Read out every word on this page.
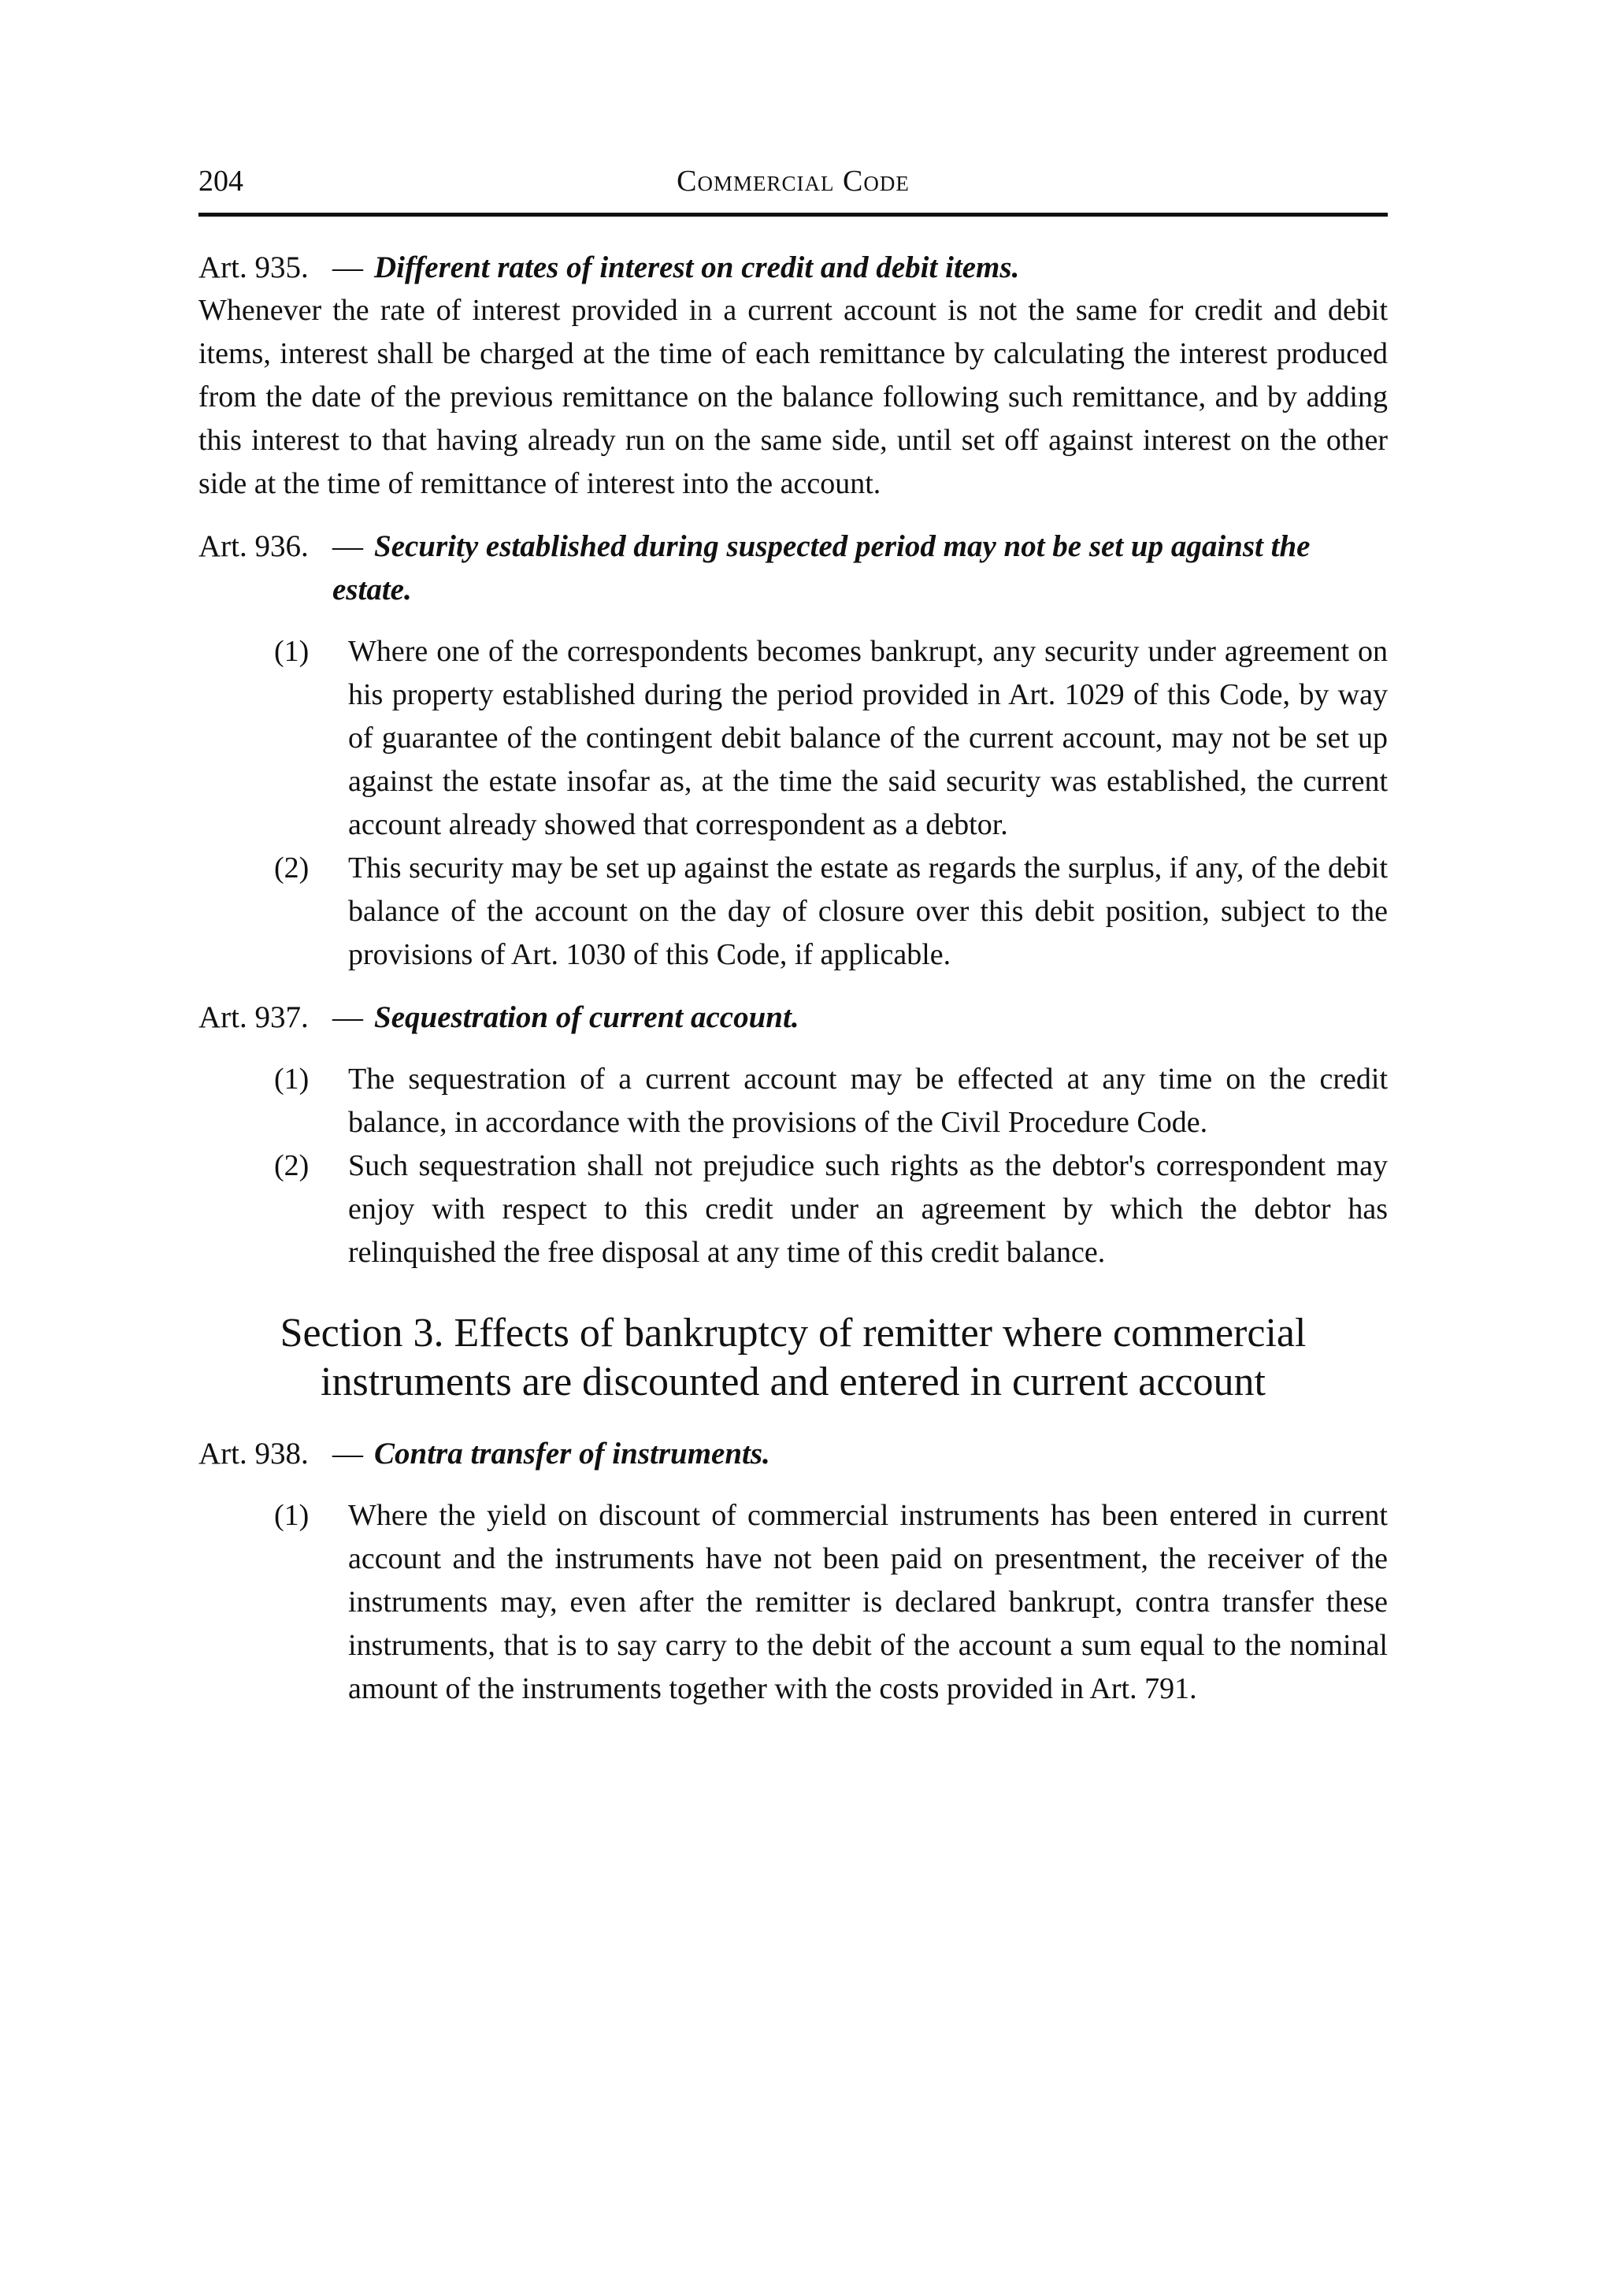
204	Commercial Code
Art. 935. — Different rates of interest on credit and debit items.

Whenever the rate of interest provided in a current account is not the same for credit and debit items, interest shall be charged at the time of each remittance by calculating the interest produced from the date of the previous remittance on the balance following such remittance, and by adding this interest to that having already run on the same side, until set off against interest on the other side at the time of remittance of interest into the account.

Art. 936. — Security established during suspected period may not be set up against the estate.
(1) Where one of the correspondents becomes bankrupt, any security under agreement on his property established during the period provided in Art. 1029 of this Code, by way of guarantee of the contingent debit balance of the current account, may not be set up against the estate insofar as, at the time the said security was established, the current account already showed that correspondent as a debtor.
(2) This security may be set up against the estate as regards the surplus, if any, of the debit balance of the account on the day of closure over this debit position, subject to the provisions of Art. 1030 of this Code, if applicable.
Art. 937. — Sequestration of current account.
(1) The sequestration of a current account may be effected at any time on the credit balance, in accordance with the provisions of the Civil Procedure Code.
(2) Such sequestration shall not prejudice such rights as the debtor's correspondent may enjoy with respect to this credit under an agreement by which the debtor has relinquished the free disposal at any time of this credit balance.

Section 3. Effects of bankruptcy of remitter where commercial

instruments are discounted and entered in current account

Art. 938. — Contra transfer of instruments.
(1) Where the yield on discount of commercial instruments has been entered in current account and the instruments have not been paid on presentment, the receiver of the instruments may, even after the remitter is declared bankrupt, contra transfer these instruments, that is to say carry to the debit of the account a sum equal to the nominal amount of the instruments together with the costs provided in Art. 791.
